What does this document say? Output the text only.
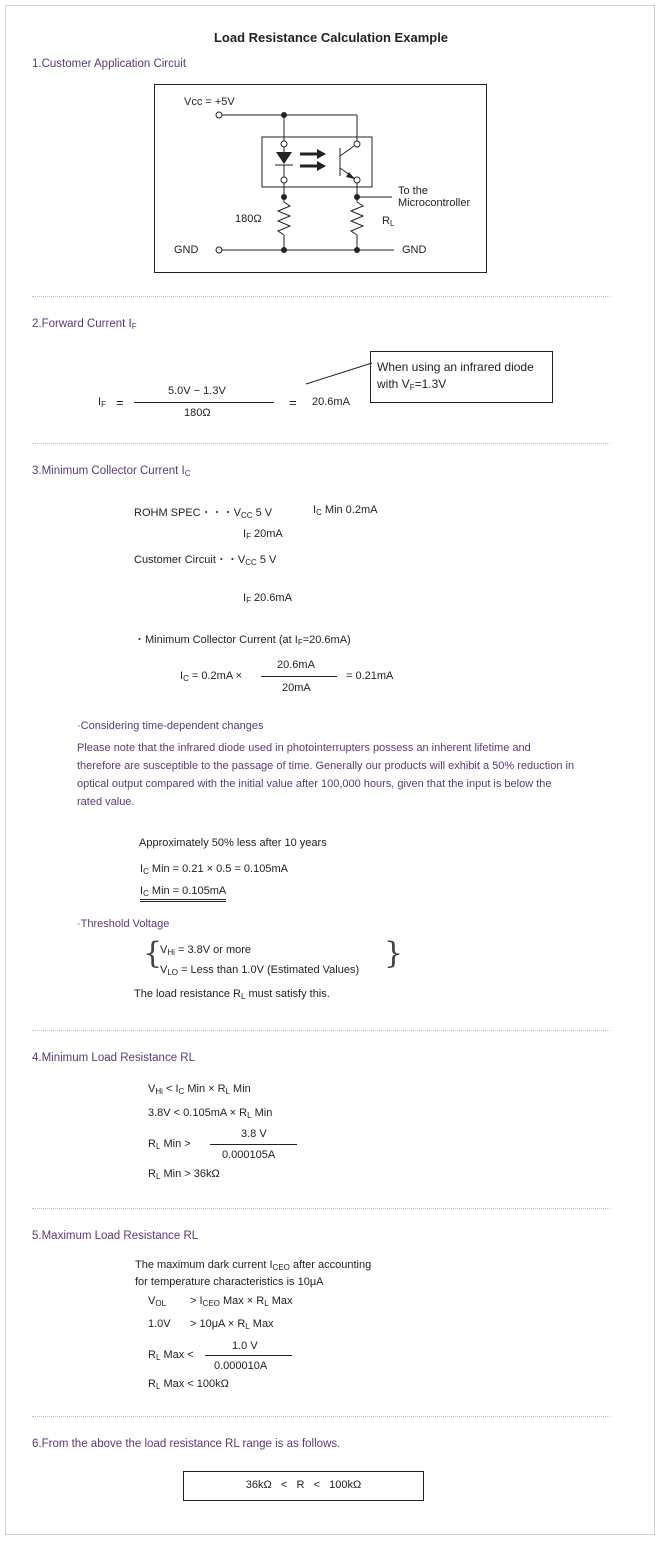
Load Resistance Calculation Example
1.Customer Application Circuit
Vcc = +5V
180Ω	$R_L$
GND	GND
To the
Microcontroller
2.Forward Current $I_F$
$I_F$ =
5.0V − 1.3V
180Ω
= 20.6mA
When using an infrared diode
with $V_F=1.3V$
3.Minimum Collector Current $I_C$
ROHM SPEC・・・$V_{CC}$ 5 V	$I_C$ Min 0.2mA
$I_F$ 20mA
Customer Circuit・・$V_{CC}$ 5 V
$I_F$ 20.6mA
・Minimum Collector Current (at $I_F=20.6mA$)
$I_C = 0.2mA$ ×
20.6mA
20mA
= 0.21mA
·Considering time-dependent changes
Please note that the infrared diode used in photointerrupters possess an inherent lifetime and therefore are susceptible to the passage of time. Generally our products will exhibit a 50% reduction in optical output compared with the initial value after 100,000 hours, given that the input is below the rated value.
Approximately 50% less after 10 years
$I_C$ Min = 0.21 × 0.5 = 0.105mA
$I_C$ Min = 0.105mA
·Threshold Voltage
{
$V_{Hi} = 3.8V$ or more
$V_{LO}$ = Less than 1.0V (Estimated Values) }
The load resistance $R_L$ must satisfy this.
4.Minimum Load Resistance RL
$V_{Hi} < I_C$ Min × $R_L$ Min
$3.8V < 0.105mA \times R_L$ Min
$R_L$ Min >
3.8 V
0.000105A
$R_L$ Min > 36kΩ
5.Maximum Load Resistance RL
The maximum dark current $I_{CEO}$ after accounting
for temperature characteristics is 10μA
$V_{OL} > I_{CEO}$ Max × $R_L$ Max
$1.0V > 10\mu A \times R_L$ Max
$R_L$ Max <
1.0 V
0.000010A
$R_L$ Max < 100kΩ
6.From the above the load resistance RL range is as follows.
36kΩ   <   R   <   100kΩ
